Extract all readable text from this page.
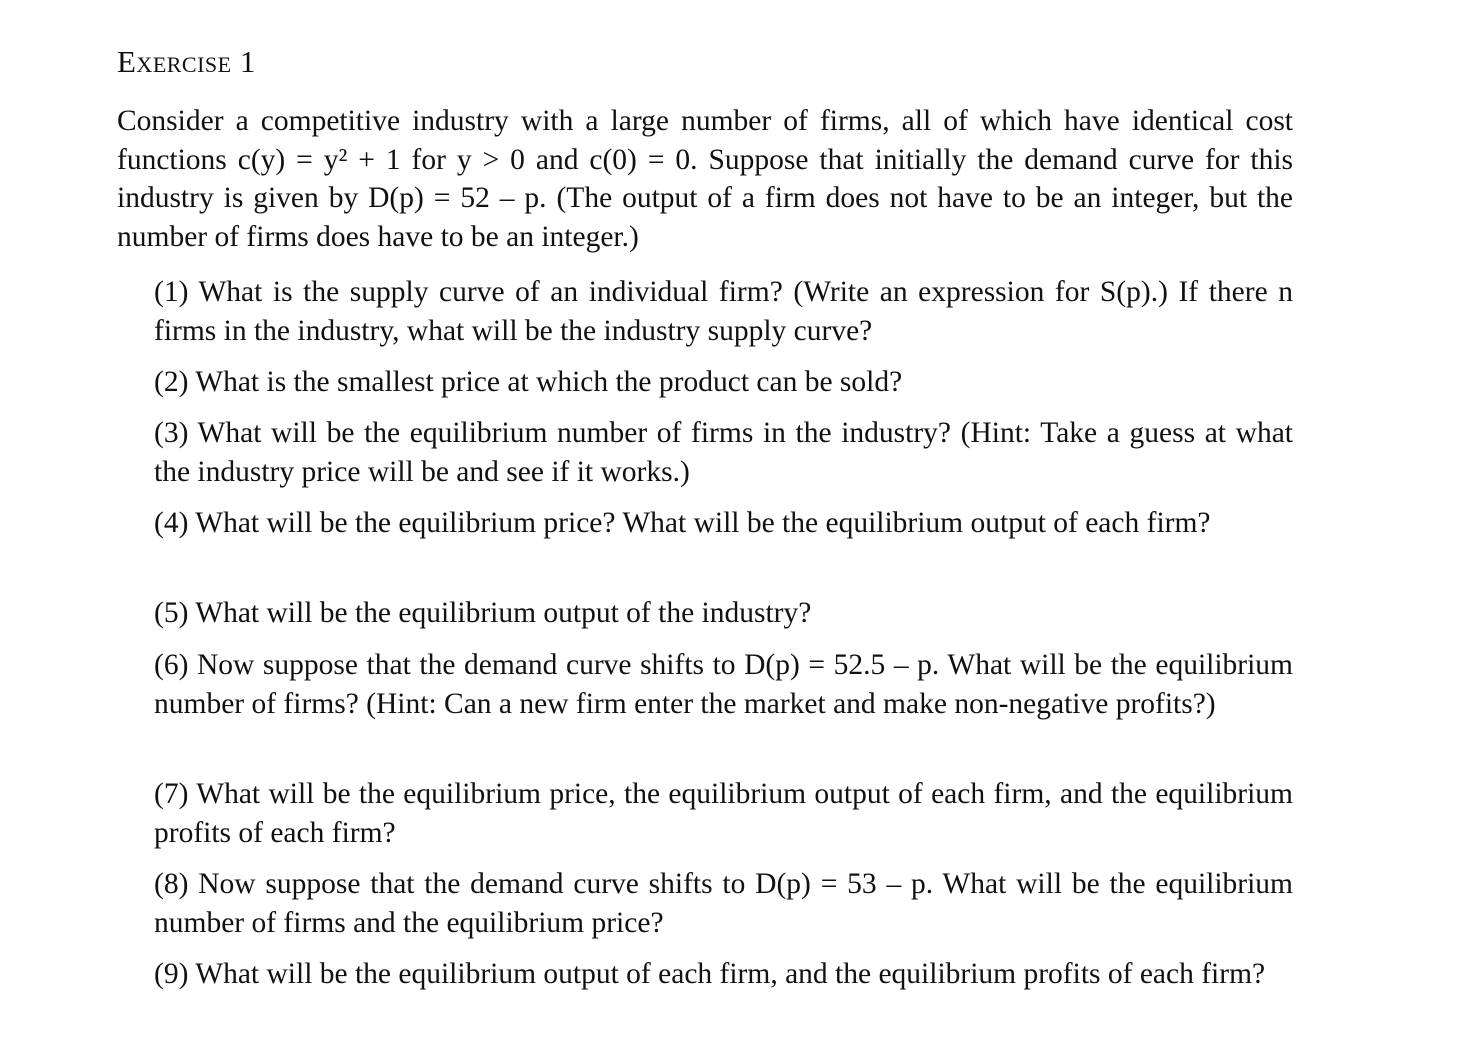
Exercise 1

Consider a competitive industry with a large number of firms, all of which have identical cost functions c(y) = y² + 1 for y > 0 and c(0) = 0. Suppose that initially the demand curve for this industry is given by D(p) = 52 – p. (The output of a firm does not have to be an integer, but the number of firms does have to be an integer.)

(1) What is the supply curve of an individual firm? (Write an expression for S(p).) If there n firms in the industry, what will be the industry supply curve?

(2) What is the smallest price at which the product can be sold?

(3) What will be the equilibrium number of firms in the industry? (Hint: Take a guess at what the industry price will be and see if it works.)

(4) What will be the equilibrium price? What will be the equilibrium output of each firm?

(5) What will be the equilibrium output of the industry?

(6) Now suppose that the demand curve shifts to D(p) = 52.5 – p. What will be the equilibrium number of firms? (Hint: Can a new firm enter the market and make non-negative profits?)

(7) What will be the equilibrium price, the equilibrium output of each firm, and the equilibrium profits of each firm?

(8) Now suppose that the demand curve shifts to D(p) = 53 – p. What will be the equilibrium number of firms and the equilibrium price?

(9) What will be the equilibrium output of each firm, and the equilibrium profits of each firm?
